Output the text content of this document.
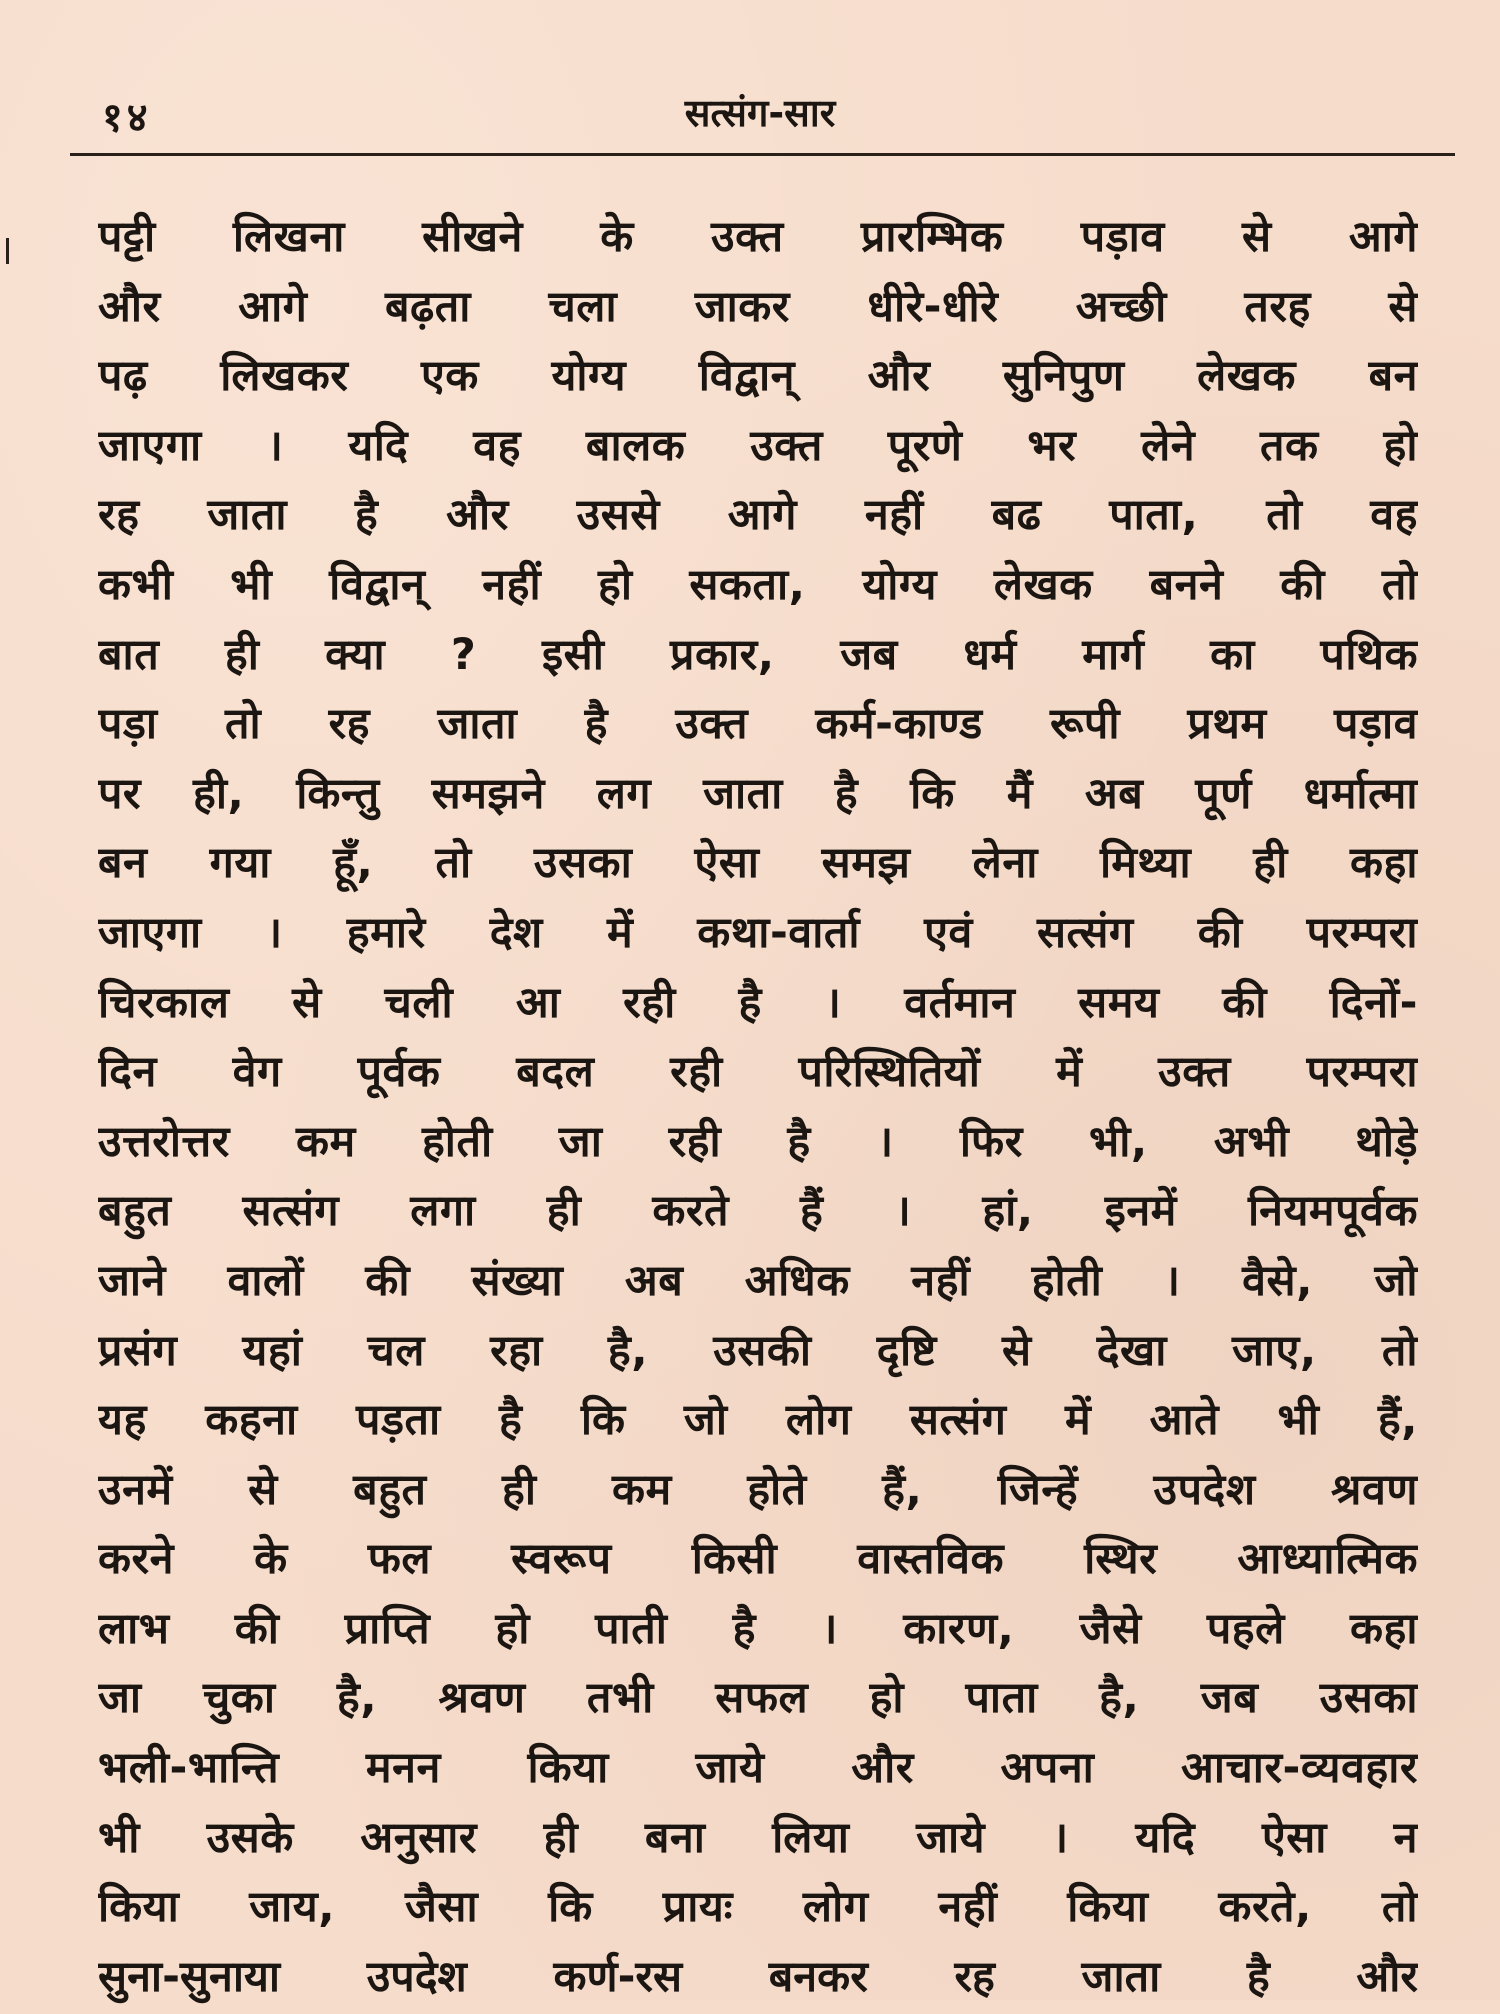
१४	सत्संग-सार
पट्टी लिखना सीखने के उक्त प्रारम्भिक पड़ाव से आगे
और आगे बढ़ता चला जाकर धीरे-धीरे अच्छी तरह से
पढ़ लिखकर एक योग्य विद्वान् और सुनिपुण लेखक बन
जाएगा । यदि वह बालक उक्त पूरणे भर लेने तक हो
रह जाता है और उससे आगे नहीं बढ पाता, तो वह
कभी भी विद्वान् नहीं हो सकता, योग्य लेखक बनने की तो
बात ही क्या ? इसी प्रकार, जब धर्म मार्ग का पथिक
पड़ा तो रह जाता है उक्त कर्म-काण्ड रूपी प्रथम पड़ाव
पर ही, किन्तु समझने लग जाता है कि मैं अब पूर्ण धर्मात्मा
बन गया हूँ, तो उसका ऐसा समझ लेना मिथ्या ही कहा
जाएगा । हमारे देश में कथा-वार्ता एवं सत्संग की परम्परा
चिरकाल से चली आ रही है । वर्तमान समय की दिनों-
दिन वेग पूर्वक बदल रही परिस्थितियों में उक्त परम्परा
उत्तरोत्तर कम होती जा रही है । फिर भी, अभी थोड़े
बहुत सत्संग लगा ही करते हैं । हां, इनमें नियमपूर्वक
जाने वालों की संख्या अब अधिक नहीं होती । वैसे, जो
प्रसंग यहां चल रहा है, उसकी दृष्टि से देखा जाए, तो
यह कहना पड़ता है कि जो लोग सत्संग में आते भी हैं,
उनमें से बहुत ही कम होते हैं, जिन्हें उपदेश श्रवण
करने के फल स्वरूप किसी वास्तविक स्थिर आध्यात्मिक
लाभ की प्राप्ति हो पाती है । कारण, जैसे पहले कहा
जा चुका है, श्रवण तभी सफल हो पाता है, जब उसका
भली-भान्ति मनन किया जाये और अपना आचार-व्यवहार
भी उसके अनुसार ही बना लिया जाये । यदि ऐसा न
किया जाय, जैसा कि प्रायः लोग नहीं किया करते, तो
सुना-सुनाया उपदेश कर्ण-रस बनकर रह जाता है और
